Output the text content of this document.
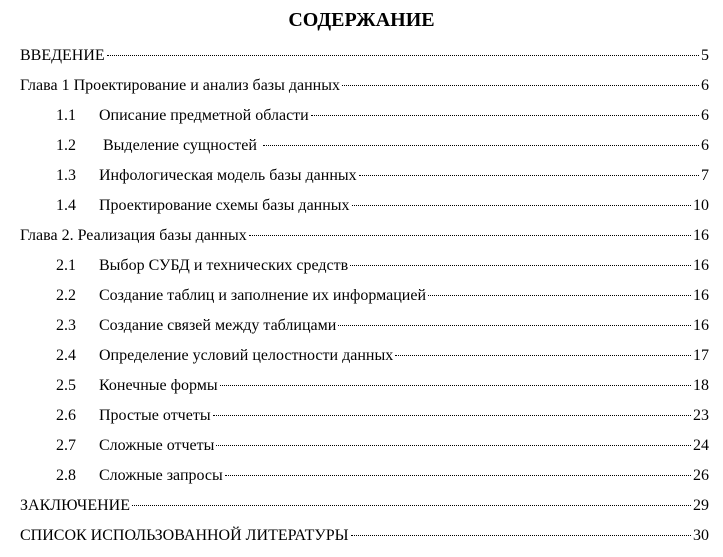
СОДЕРЖАНИЕ
ВВЕДЕНИЕ	5
Глава 1 Проектирование и анализ базы данных	6
1.1	Описание предметной области	6
1.2	Выделение сущностей	6
1.3	Инфологическая модель базы данных	7
1.4	Проектирование схемы базы данных	10
Глава 2. Реализация базы данных	16
2.1	Выбор СУБД и технических средств	16
2.2	Создание таблиц и заполнение их информацией	16
2.3	Создание связей между таблицами	16
2.4	Определение условий целостности данных	17
2.5	Конечные формы	18
2.6	Простые отчеты	23
2.7	Сложные отчеты	24
2.8	Сложные запросы	26
ЗАКЛЮЧЕНИЕ	29
СПИСОК ИСПОЛЬЗОВАННОЙ ЛИТЕРАТУРЫ	30
